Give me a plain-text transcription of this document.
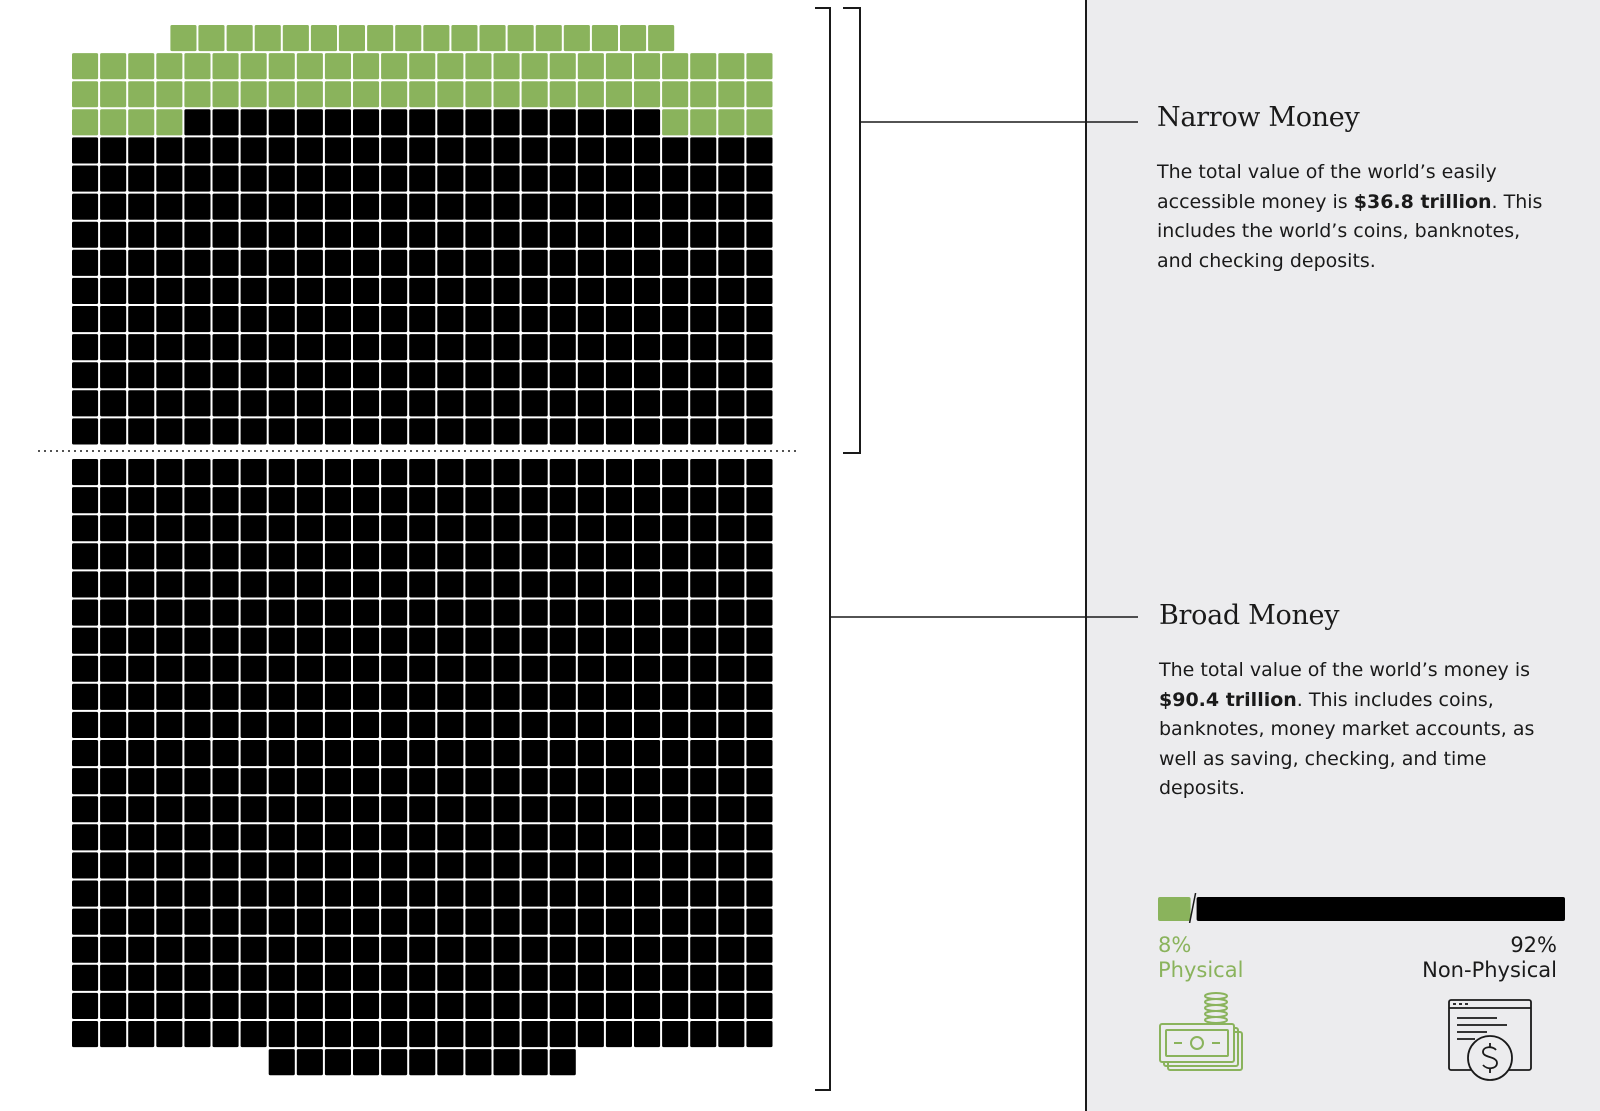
Narrow Money
The total value of the world’s easily accessible money is $36.8 trillion. This includes the world’s coins, banknotes, and checking deposits.
Broad Money
The total value of the world’s money is $90.4 trillion. This includes coins, banknotes, money market accounts, as well as saving, checking, and time deposits.
8%
Physical
92%
Non-Physical
